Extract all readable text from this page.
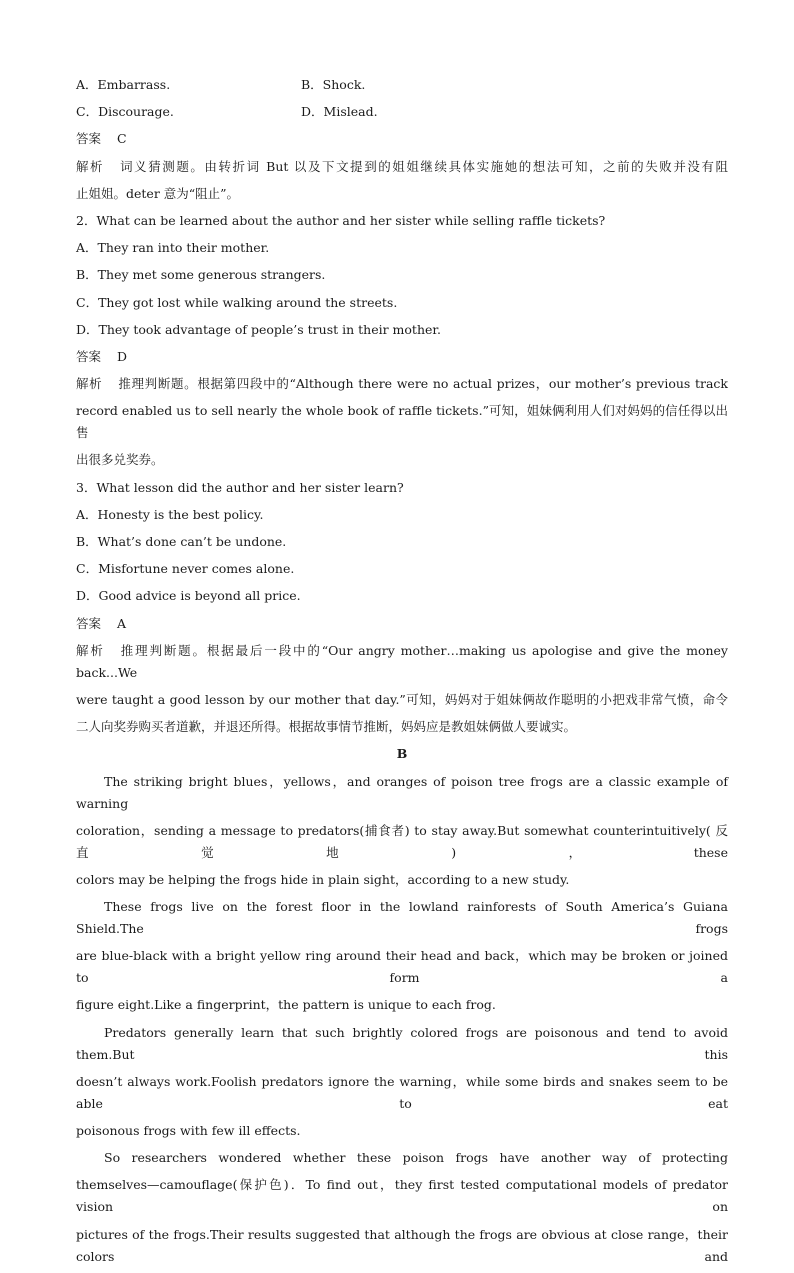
A．Embarrass.	B．Shock.
C．Discourage.	D．Mislead.
答案 C
解析 词义猜测题。由转折词 But 以及下文提到的姐姐继续具体实施她的想法可知，之前的失败并没有阻
止姐姐。deter 意为“阻止”。
2．What can be learned about the author and her sister while selling raffle tickets?
A．They ran into their mother.
B．They met some generous strangers.
C．They got lost while walking around the streets.
D．They took advantage of people’s trust in their mother.
答案 D
解析 推理判断题。根据第四段中的“Although there were no actual prizes，our mother’s previous track
record enabled us to sell nearly the whole book of raffle tickets.”可知，姐妹俩利用人们对妈妈的信任得以出售
出很多兑奖券。
3．What lesson did the author and her sister learn?
A．Honesty is the best policy.
B．What’s done can’t be undone.
C．Misfortune never comes alone.
D．Good advice is beyond all price.
答案 A
解析 推理判断题。根据最后一段中的“Our angry mother…making us apologise and give the money back...We
were taught a good lesson by our mother that day.”可知，妈妈对于姐妹俩故作聪明的小把戏非常气愤，命令
二人向奖券购买者道歉，并退还所得。根据故事情节推断，妈妈应是教姐妹俩做人要诚实。
B
The striking bright blues，yellows，and oranges of poison tree frogs are a classic example of warning
coloration，sending a message to predators(捕食者) to stay away.But somewhat counterintuitively( 反直觉地)，these
colors may be helping the frogs hide in plain sight，according to a new study.
These frogs live on the forest floor in the lowland rainforests of South America’s Guiana Shield.The frogs
are blue-black with a bright yellow ring around their head and back，which may be broken or joined to form a
figure eight.Like a fingerprint，the pattern is unique to each frog.
Predators generally learn that such brightly colored frogs are poisonous and tend to avoid them.But this
doesn’t always work.Foolish predators ignore the warning，while some birds and snakes seem to be able to eat
poisonous frogs with few ill effects.
So researchers wondered whether these poison frogs have another way of protecting
themselves—camouflage(保护色)．To find out，they first tested computational models of predator vision on
pictures of the frogs.Their results suggested that although the frogs are obvious at close range，their colors and
